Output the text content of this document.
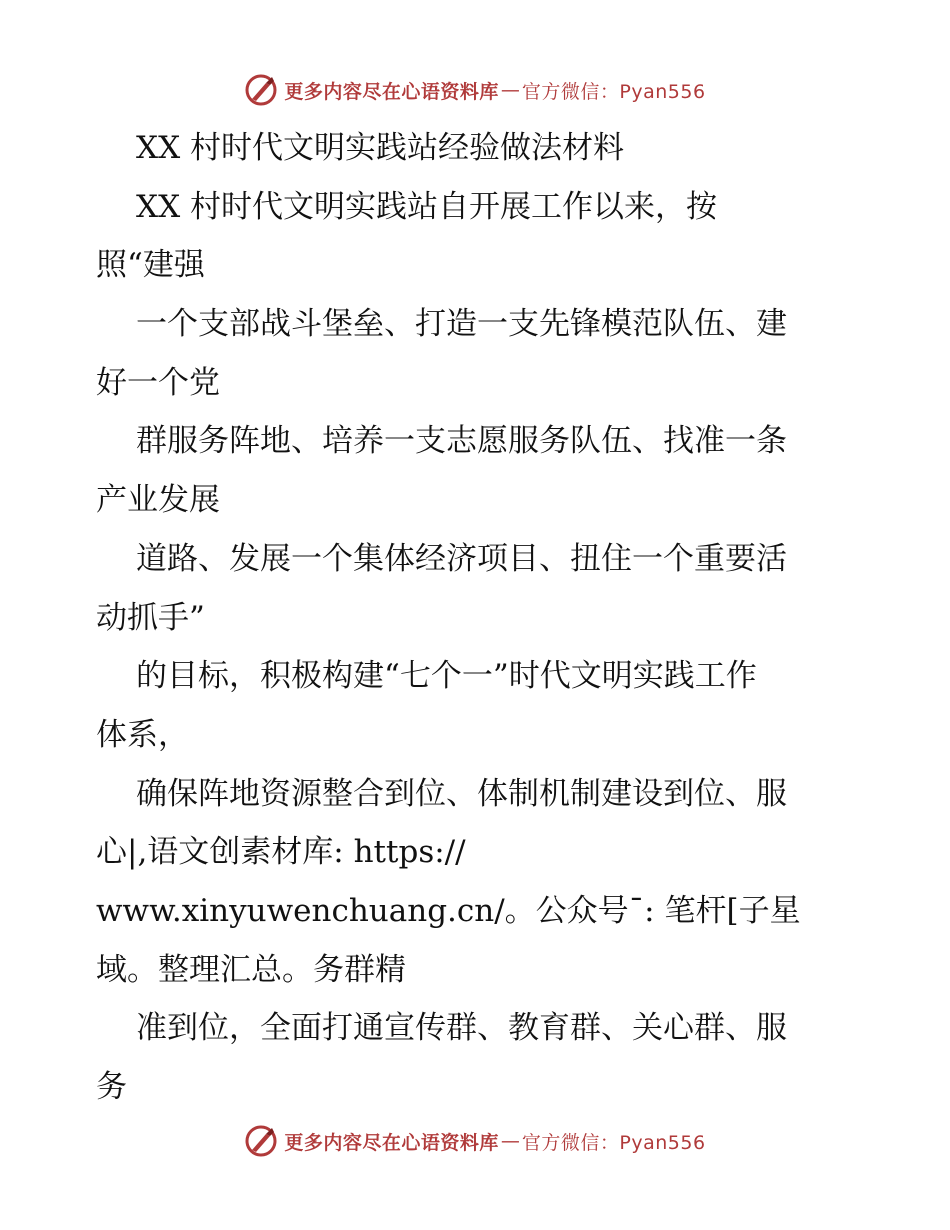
更多内容尽在心语资料库 — 官方微信：Pyan556
XX 村时代文明实践站经验做法材料
XX 村时代文明实践站自开展工作以来，按
照“建强
一个支部战斗堡垒、打造一支先锋模范队伍、建
好一个党
群服务阵地、培养一支志愿服务队伍、找准一条
产业发展
道路、发展一个集体经济项目、扭住一个重要活
动抓手”
的目标，积极构建“七个一”时代文明实践工作
体系，
确保阵地资源整合到位、体制机制建设到位、服
心|,语文创素材库: https://
www.xinyuwenchuang.cn/。公众号¯: 笔杆[子星
域。整理汇总。务群精
准到位，全面打通宣传群、教育群、关心群、服
务
更多内容尽在心语资料库 — 官方微信：Pyan556
